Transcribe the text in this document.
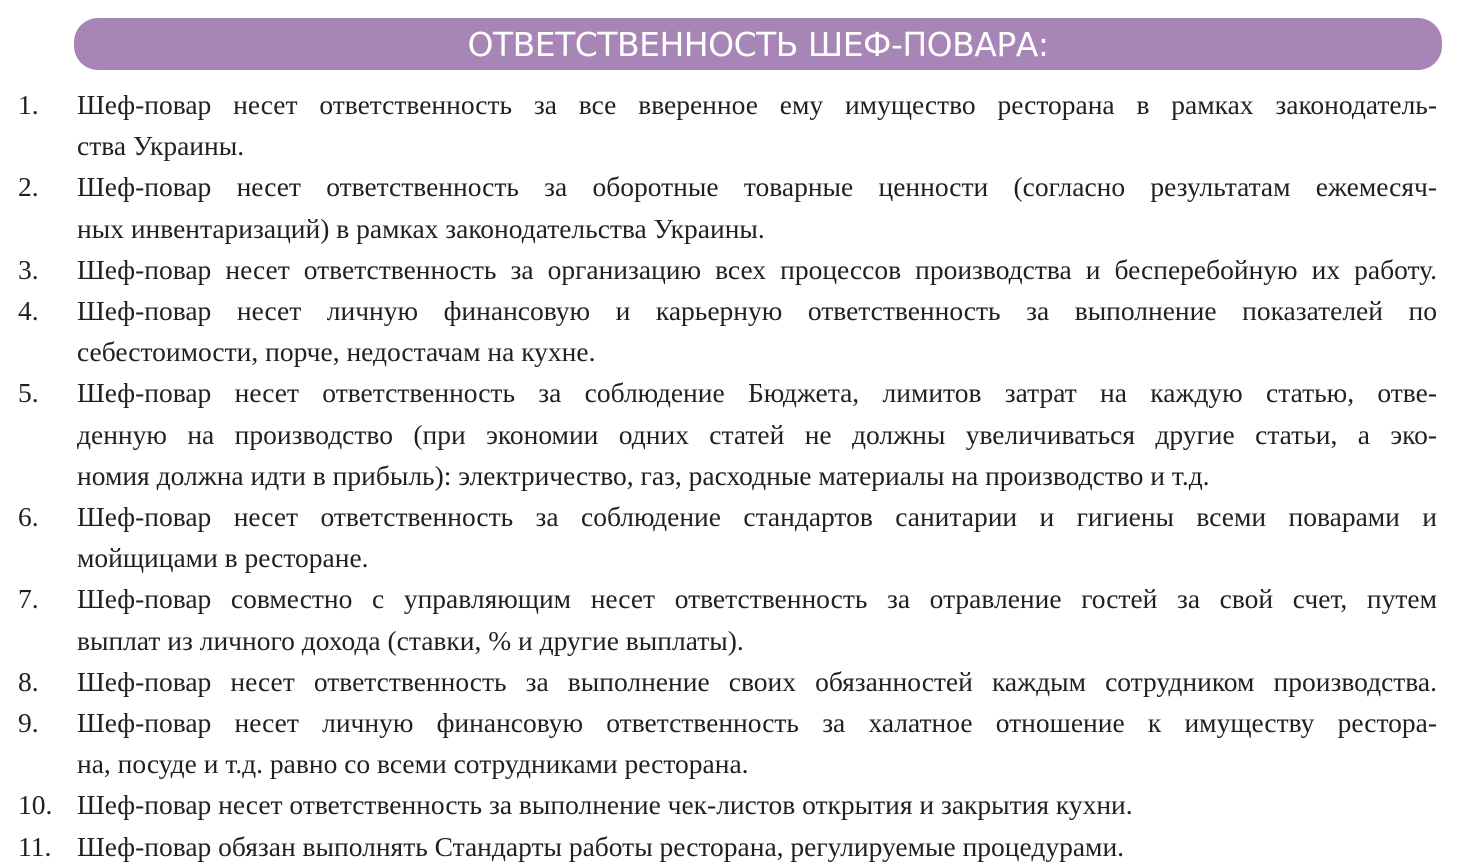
ОТВЕТСТВЕННОСТЬ ШЕФ-ПОВАРА:
1. Шеф-повар несет ответственность за все вверенное ему имущество ресторана в рамках законодатель-
ства Украины.
2. Шеф-повар несет ответственность за оборотные товарные ценности (согласно результатам ежемесяч-
ных инвентаризаций) в рамках законодательства Украины.
3. Шеф-повар несет ответственность за организацию всех процессов производства и бесперебойную их работу.
4. Шеф-повар несет личную финансовую и карьерную ответственность за выполнение показателей по
себестоимости, порче, недостачам на кухне.
5. Шеф-повар несет ответственность за соблюдение Бюджета, лимитов затрат на каждую статью, отве-
денную на производство (при экономии одних статей не должны увеличиваться другие статьи, а эко-
номия должна идти в прибыль): электричество, газ, расходные материалы на производство и т.д.
6. Шеф-повар несет ответственность за соблюдение стандартов санитарии и гигиены всеми поварами и
мойщицами в ресторане.
7. Шеф-повар совместно с управляющим несет ответственность за отравление гостей за свой счет, путем
выплат из личного дохода (ставки, % и другие выплаты).
8. Шеф-повар несет ответственность за выполнение своих обязанностей каждым сотрудником производства.
9. Шеф-повар несет личную финансовую ответственность за халатное отношение к имуществу рестора-
на, посуде и т.д. равно со всеми сотрудниками ресторана.
10. Шеф-повар несет ответственность за выполнение чек-листов открытия и закрытия кухни.
11. Шеф-повар обязан выполнять Стандарты работы ресторана, регулируемые процедурами.
